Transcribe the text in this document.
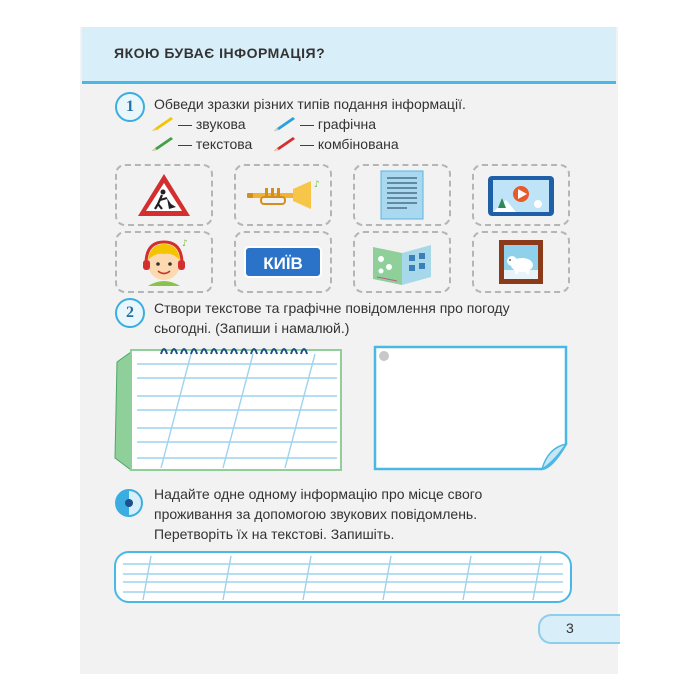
ЯКОЮ БУВАЄ ІНФОРМАЦІЯ?
1	Обведи зразки різних типів подання інформації.
— звукова	— графічна
— текстова	— комбінована
♪
♪
КИЇВ
2	Створи текстове та графічне повідомлення про погоду
сьогодні. (Запиши і намалюй.)
Надайте одне одному інформацію про місце свого
проживання за допомогою звукових повідомлень.
Перетворіть їх на текстові. Запишіть.
3
